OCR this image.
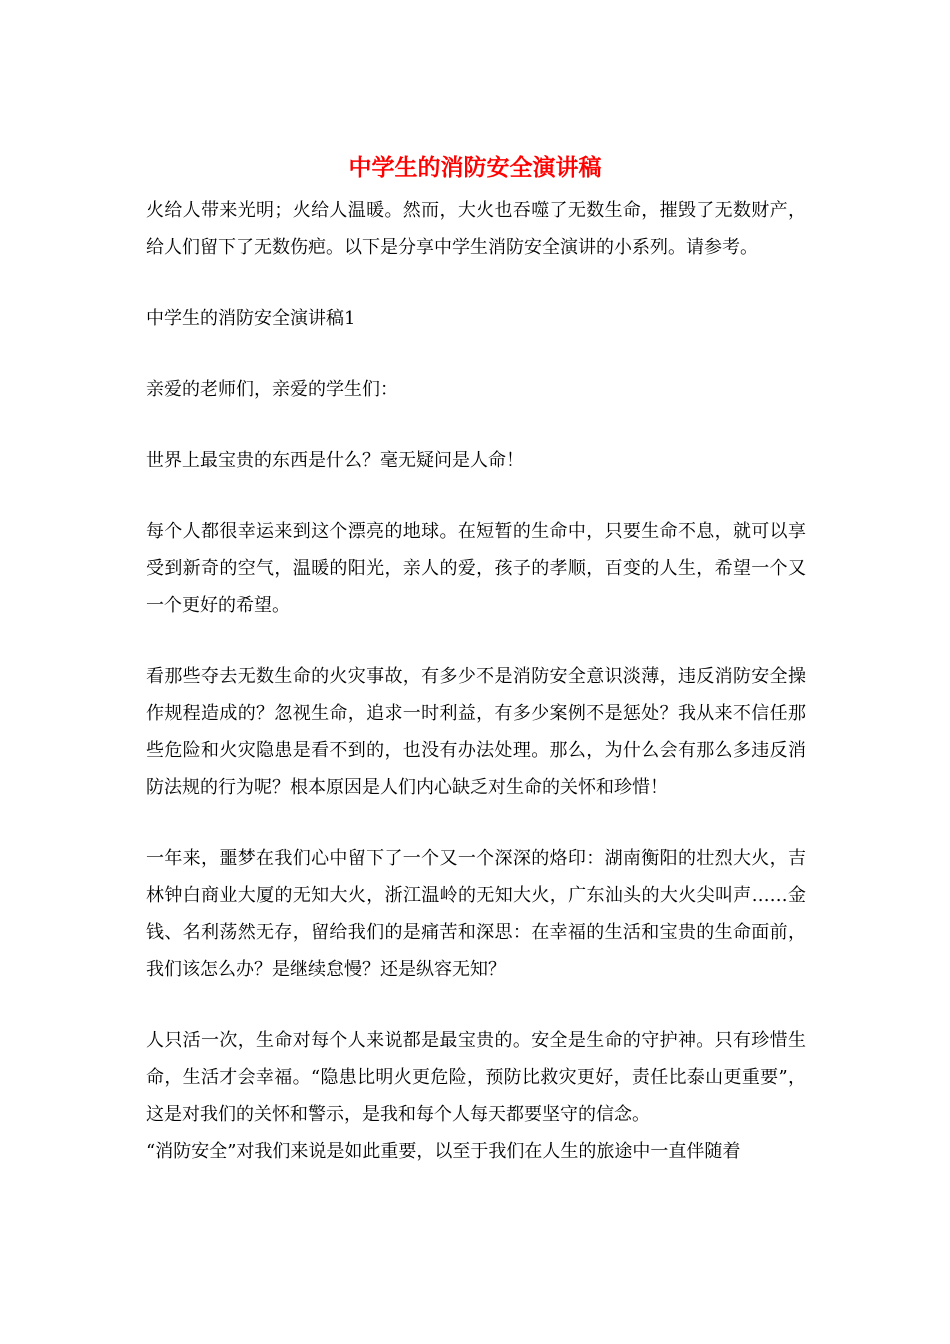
中学生的消防安全演讲稿

火给人带来光明；火给人温暖。然而，大火也吞噬了无数生命，摧毁了无数财产，给人们留下了无数伤疤。以下是分享中学生消防安全演讲的小系列。请参考。

中学生的消防安全演讲稿1

亲爱的老师们，亲爱的学生们：

世界上最宝贵的东西是什么？毫无疑问是人命！

每个人都很幸运来到这个漂亮的地球。在短暂的生命中，只要生命不息，就可以享受到新奇的空气，温暖的阳光，亲人的爱，孩子的孝顺，百变的人生，希望一个又一个更好的希望。

看那些夺去无数生命的火灾事故，有多少不是消防安全意识淡薄，违反消防安全操作规程造成的？忽视生命，追求一时利益，有多少案例不是惩处？我从来不信任那些危险和火灾隐患是看不到的，也没有办法处理。那么，为什么会有那么多违反消防法规的行为呢？根本原因是人们内心缺乏对生命的关怀和珍惜！

一年来，噩梦在我们心中留下了一个又一个深深的烙印：湖南衡阳的壮烈大火，吉林钟白商业大厦的无知大火，浙江温岭的无知大火，广东汕头的大火尖叫声……金钱、名利荡然无存，留给我们的是痛苦和深思：在幸福的生活和宝贵的生命面前，我们该怎么办？是继续怠慢？还是纵容无知？

人只活一次，生命对每个人来说都是最宝贵的。安全是生命的守护神。只有珍惜生命，生活才会幸福。“隐患比明火更危险，预防比救灾更好，责任比泰山更重要”，这是对我们的关怀和警示，是我和每个人每天都要坚守的信念。

“消防安全”对我们来说是如此重要，以至于我们在人生的旅途中一直伴随着
